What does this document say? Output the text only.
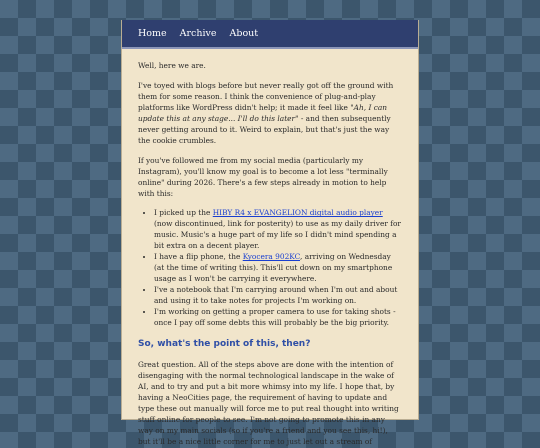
Home Archive About

Well, here we are.

I've toyed with blogs before but never really got off the ground with them for some reason. I think the convenience of plug-and-play platforms like WordPress didn't help; it made it feel like "Ah, I can update this at any stage... I'll do this later" - and then subsequently never getting around to it. Weird to explain, but that's just the way the cookie crumbles.

If you've followed me from my social media (particularly my Instagram), you'll know my goal is to become a lot less "terminally online" during 2026. There's a few steps already in motion to help with this:

• I picked up the HIBY R4 x EVANGELION digital audio player (now discontinued, link for posterity) to use as my daily driver for music. Music's a huge part of my life so I didn't mind spending a bit extra on a decent player.
• I have a flip phone, the Kyocera 902KC, arriving on Wednesday (at the time of writing this). This'll cut down on my smartphone usage as I won't be carrying it everywhere.
• I've a notebook that I'm carrying around when I'm out and about and using it to take notes for projects I'm working on.
• I'm working on getting a proper camera to use for taking shots - once I pay off some debts this will probably be the big priority.
So, what's the point of this, then?

Great question. All of the steps above are done with the intention of disengaging with the normal technological landscape in the wake of AI, and to try and put a bit more whimsy into my life. I hope that, by having a NeoCities page, the requirement of having to update and type these out manually will force me to put real thought into writing stuff online for people to see. I'm not going to promote this in any way on my main socials (so if you're a friend and you see this, hi!), but it'll be a nice little corner for me to just let out a stream of
